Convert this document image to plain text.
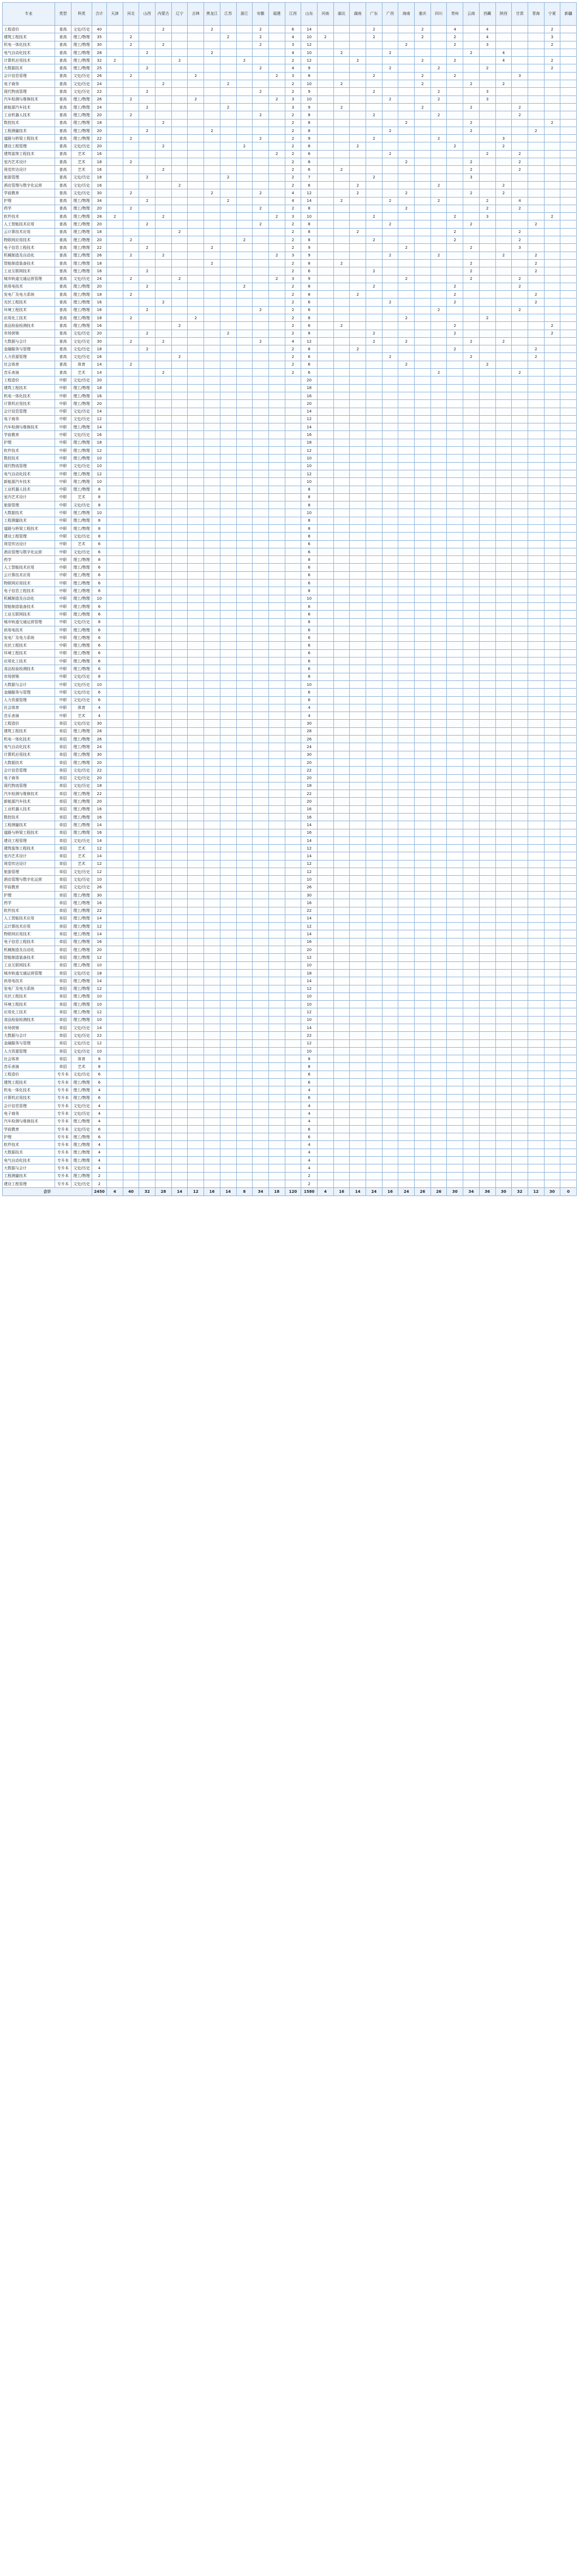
专业	类型	科类	合计	天津	河北	山西	内蒙古	辽宁	吉林	黑龙江	江苏	浙江	安徽	福建	江西	山东	河南	湖北	湖南	广东	广西	海南	重庆	四川	贵州	云南	西藏	陕西	甘肃	青海	宁夏	新疆
工程造价	普高	文史/历史	40				2			2			2		6	14				2			2		4		4				2	
建筑工程技术	普高	理工/物理	35		2						2		2		4	10	2			2			2		2		4				3	
机电一体化技术	普高	理工/物理	30		2		2						2		3	12						2			2		3				2	
电气自动化技术	普高	理工/物理	28			2				2					4	10		2			2					2		4				
计算机应用技术	普高	理工/物理	32	2				2				2			2	12			2				2		2			4			2	
大数据技术	普高	理工/物理	25			2							2		4	9					2			2			2				2	
会计信息管理	普高	文史/历史	26		2				2					2	3	8				2			2		2				3			
电子商务	普高	文史/历史	24				2				2				2	10		2					2			2		2				
现代物流管理	普高	文史/历史	22			2							2		2	9				2				2			3					
汽车检测与维修技术	普高	理工/物理	26		2				2					2	3	10					2			2			3					
新能源汽车技术	普高	理工/物理	24			2					2				3	9		2					2			2			2			
工业机器人技术	普高	理工/物理	20		2								2		2	8				2				2					2			
数控技术	普高	理工/物理	18				2								2	8						2				2					2	
工程测量技术	普高	理工/物理	20			2				2					2	8					2					2				2		
道路与桥梁工程技术	普高	理工/物理	22		2								2		2	9				2				2				3				
建设工程管理	普高	文史/历史	20				2					2			2	8			2						2			2				
建筑装饰工程技术	普高	艺术	16											2	2	6					2						2		2			
室内艺术设计	普高	艺术	18		2										2	8						2				2			2			
视觉传达设计	普高	艺术	16				2								2	6		2								2			2			
旅游管理	普高	文史/历史	18			2					2				2	7				2						3						
酒店管理与数字化运营	普高	文史/历史	16					2							2	6			2					2				2				
学前教育	普高	文史/历史	30		2					2			2		4	12			2			2				2		2				
护理	普高	理工/物理	34			2					2				4	14		2			2			2			2		4			
药学	普高	理工/物理	20		2								2		2	8						2					2		2			
软件技术	普高	理工/物理	28	2			2							2	3	10				2					2		3				2	
人工智能技术应用	普高	理工/物理	20			2							2		2	8					2					2				2		
云计算技术应用	普高	理工/物理	18					2							2	8			2						2				2			
物联网应用技术	普高	理工/物理	20		2							2			2	8				2					2				2			
电子信息工程技术	普高	理工/物理	22			2				2					2	9						2				2			3			
机械制造及自动化	普高	理工/物理	26		2		2							2	3	9					2			2				2		2		
智能制造装备技术	普高	理工/物理	18							2					2	8		2								2				2		
工业互联网技术	普高	理工/物理	16			2									2	6				2						2				2		
城市轨道交通运营管理	普高	文史/历史	24		2			2						2	3	9						2				2			2			
供用电技术	普高	理工/物理	20			2						2			2	8				2					2				2			
发电厂及电力系统	普高	理工/物理	18		2										2	8			2						2					2		
光伏工程技术	普高	理工/物理	16				2								2	6					2				2					2		
环境工程技术	普高	理工/物理	16			2							2		2	6								2					2			
应用化工技术	普高	理工/物理	18		2				2						2	8						2					2					
食品检验检测技术	普高	理工/物理	16					2							2	6		2							2						2	
市场营销	普高	文史/历史	20			2					2				2	8				2					2						2	
大数据与会计	普高	文史/历史	30		2		2						2		4	12				2		2				2		2				
金融服务与管理	普高	文史/历史	18			2									2	8			2						2					2		
人力资源管理	普高	文史/历史	16					2							2	6					2					2				2		
社会体育	普高	体育	14		2										2	6						2					2					
音乐表演	普高	艺术	14				2								2	6								2					2			
工程造价	中职	文史/历史	20													20																
建筑工程技术	中职	理工/物理	18													18																
机电一体化技术	中职	理工/物理	16													16																
计算机应用技术	中职	理工/物理	20													20																
会计信息管理	中职	文史/历史	14													14																
电子商务	中职	文史/历史	12													12																
汽车检测与维修技术	中职	理工/物理	14													14																
学前教育	中职	文史/历史	16													16																
护理	中职	理工/物理	18													18																
软件技术	中职	理工/物理	12													12																
数控技术	中职	理工/物理	10													10																
现代物流管理	中职	文史/历史	10													10																
电气自动化技术	中职	理工/物理	12													12																
新能源汽车技术	中职	理工/物理	10													10																
工业机器人技术	中职	理工/物理	8													8																
室内艺术设计	中职	艺术	8													8																
旅游管理	中职	文史/历史	8													8																
大数据技术	中职	理工/物理	10													10																
工程测量技术	中职	理工/物理	8													8																
道路与桥梁工程技术	中职	理工/物理	8													8																
建设工程管理	中职	文史/历史	8													8																
视觉传达设计	中职	艺术	6													6																
酒店管理与数字化运营	中职	文史/历史	6													6																
药学	中职	理工/物理	8													8																
人工智能技术应用	中职	理工/物理	6													6																
云计算技术应用	中职	理工/物理	6													6																
物联网应用技术	中职	理工/物理	6													6																
电子信息工程技术	中职	理工/物理	8													8																
机械制造及自动化	中职	理工/物理	10													10																
智能制造装备技术	中职	理工/物理	6													6																
工业互联网技术	中职	理工/物理	6													6																
城市轨道交通运营管理	中职	文史/历史	8													8																
供用电技术	中职	理工/物理	6													6																
发电厂及电力系统	中职	理工/物理	6													6																
光伏工程技术	中职	理工/物理	6													6																
环境工程技术	中职	理工/物理	6													6																
应用化工技术	中职	理工/物理	6													6																
食品检验检测技术	中职	理工/物理	6													6																
市场营销	中职	文史/历史	8													8																
大数据与会计	中职	文史/历史	10													10																
金融服务与管理	中职	文史/历史	6													6																
人力资源管理	中职	文史/历史	6													6																
社会体育	中职	体育	4													4																
音乐表演	中职	艺术	4													4																
工程造价	单招	文史/历史	30													30																
建筑工程技术	单招	理工/物理	28													28																
机电一体化技术	单招	理工/物理	26													26																
电气自动化技术	单招	理工/物理	24													24																
计算机应用技术	单招	理工/物理	30													30																
大数据技术	单招	理工/物理	20													20																
会计信息管理	单招	文史/历史	22													22																
电子商务	单招	文史/历史	20													20																
现代物流管理	单招	文史/历史	18													18																
汽车检测与维修技术	单招	理工/物理	22													22																
新能源汽车技术	单招	理工/物理	20													20																
工业机器人技术	单招	理工/物理	16													16																
数控技术	单招	理工/物理	16													16																
工程测量技术	单招	理工/物理	14													14																
道路与桥梁工程技术	单招	理工/物理	16													16																
建设工程管理	单招	文史/历史	14													14																
建筑装饰工程技术	单招	艺术	12													12																
室内艺术设计	单招	艺术	14													14																
视觉传达设计	单招	艺术	12													12																
旅游管理	单招	文史/历史	12													12																
酒店管理与数字化运营	单招	文史/历史	10													10																
学前教育	单招	文史/历史	26													26																
护理	单招	理工/物理	30													30																
药学	单招	理工/物理	16													16																
软件技术	单招	理工/物理	22													22																
人工智能技术应用	单招	理工/物理	14													14																
云计算技术应用	单招	理工/物理	12													12																
物联网应用技术	单招	理工/物理	14													14																
电子信息工程技术	单招	理工/物理	16													16																
机械制造及自动化	单招	理工/物理	20													20																
智能制造装备技术	单招	理工/物理	12													12																
工业互联网技术	单招	理工/物理	10													10																
城市轨道交通运营管理	单招	文史/历史	18													18																
供用电技术	单招	理工/物理	14													14																
发电厂及电力系统	单招	理工/物理	12													12																
光伏工程技术	单招	理工/物理	10													10																
环境工程技术	单招	理工/物理	10													10																
应用化工技术	单招	理工/物理	12													12																
食品检验检测技术	单招	理工/物理	10													10																
市场营销	单招	文史/历史	14													14																
大数据与会计	单招	文史/历史	22													22																
金融服务与管理	单招	文史/历史	12													12																
人力资源管理	单招	文史/历史	10													10																
社会体育	单招	体育	8													8																
音乐表演	单招	艺术	8													8																
工程造价	专升本	文史/历史	6													6																
建筑工程技术	专升本	理工/物理	6													6																
机电一体化技术	专升本	理工/物理	4													4																
计算机应用技术	专升本	理工/物理	6													6																
会计信息管理	专升本	文史/历史	4													4																
电子商务	专升本	文史/历史	4													4																
汽车检测与维修技术	专升本	理工/物理	4													4																
学前教育	专升本	文史/历史	6													6																
护理	专升本	理工/物理	6													6																
软件技术	专升本	理工/物理	4													4																
大数据技术	专升本	理工/物理	4													4																
电气自动化技术	专升本	理工/物理	4													4																
大数据与会计	专升本	文史/历史	4													4																
工程测量技术	专升本	理工/物理	2													2																
建设工程管理	专升本	文史/历史	2													2																
合计			2450	4	40	32	28	14	12	16	14	8	34	18	120	1580	4	16	14	24	16	24	26	26	30	34	36	30	32	12	30	0
